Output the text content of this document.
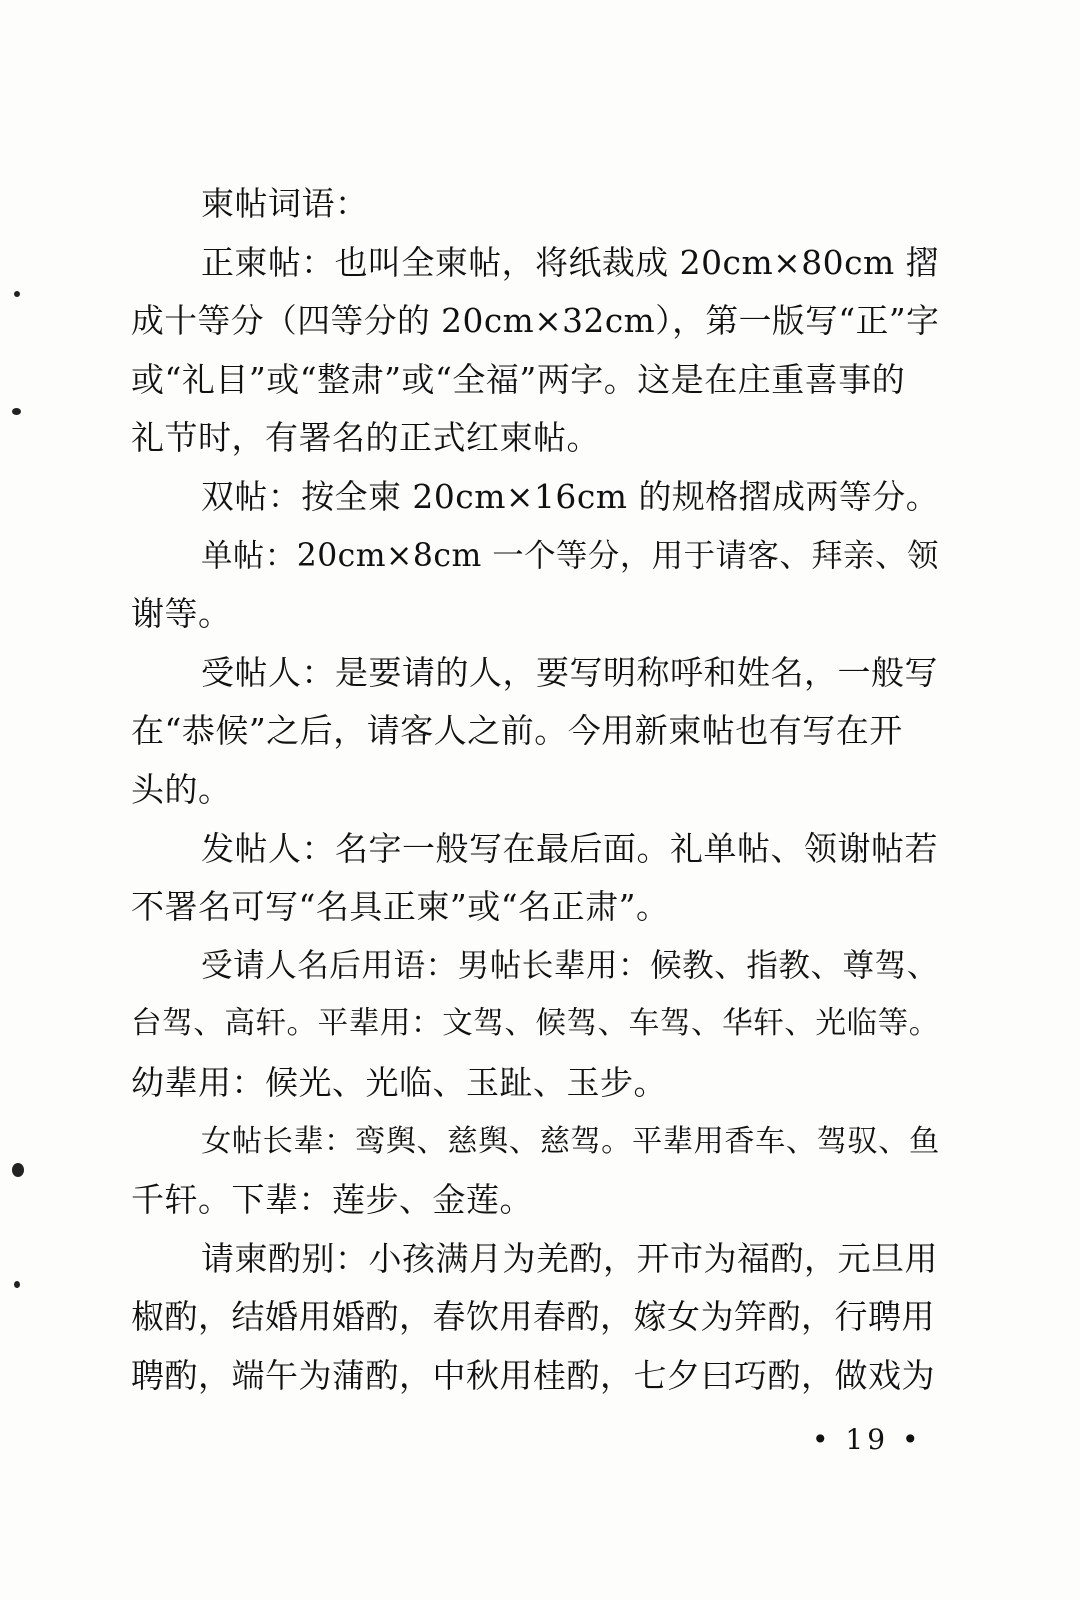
柬帖词语：
正柬帖：也叫全柬帖，将纸裁成 20cm×80cm 摺
成十等分（四等分的 20cm×32cm），第一版写“正”字
或“礼目”或“整肃”或“全福”两字。这是在庄重喜事的
礼节时，有署名的正式红柬帖。
双帖：按全柬 20cm×16cm 的规格摺成两等分。
单帖：20cm×8cm 一个等分，用于请客、拜亲、领
谢等。
受帖人：是要请的人，要写明称呼和姓名，一般写
在“恭候”之后，请客人之前。今用新柬帖也有写在开
头的。
发帖人：名字一般写在最后面。礼单帖、领谢帖若
不署名可写“名具正柬”或“名正肃”。
受请人名后用语：男帖长辈用：候教、指教、尊驾、
台驾、高轩。平辈用：文驾、候驾、车驾、华轩、光临等。
幼辈用：候光、光临、玉趾、玉步。
女帖长辈：鸾舆、慈舆、慈驾。平辈用香车、驾驭、鱼
千轩。下辈：莲步、金莲。
请柬酌别：小孩满月为羌酌，开市为福酌，元旦用
椒酌，结婚用婚酌，春饮用春酌，嫁女为笄酌，行聘用
聘酌，端午为蒲酌，中秋用桂酌，七夕曰巧酌，做戏为
• 19 •
